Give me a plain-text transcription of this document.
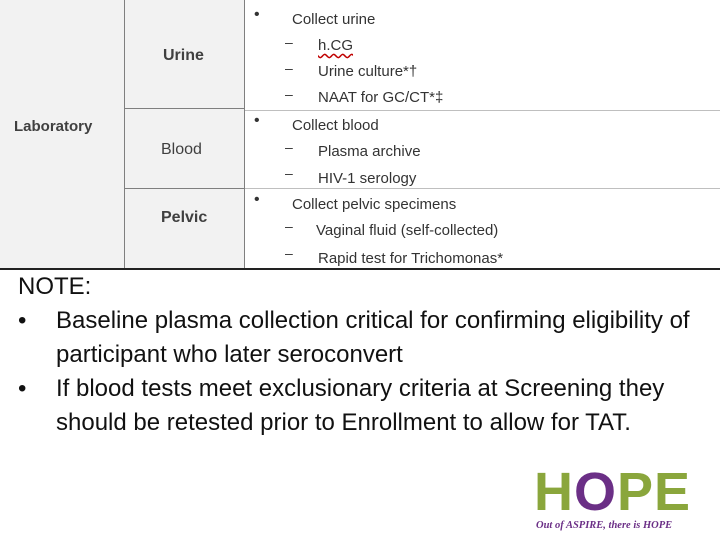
Laboratory
Urine
Blood
Pelvic
• Collect urine
– h.CG
– Urine culture*†
– NAAT for GC/CT*‡
• Collect blood
– Plasma archive
– HIV-1 serology
• Collect pelvic specimens
– Vaginal fluid (self-collected)
– Rapid test for Trichomonas*
NOTE:
• Baseline plasma collection critical for confirming eligibility of participant who later seroconvert
• If blood tests meet exclusionary criteria at Screening they should be retested prior to Enrollment to allow for TAT.
HOPE
Out of ASPIRE, there is HOPE
